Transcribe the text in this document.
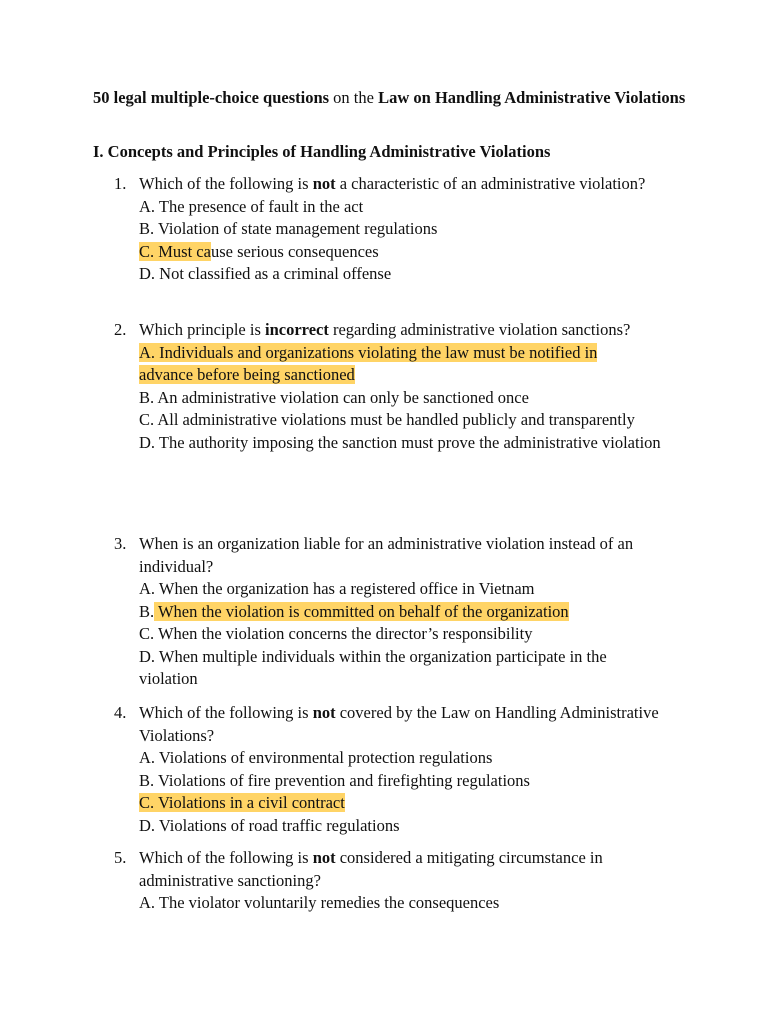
50 legal multiple-choice questions on the Law on Handling Administrative Violations
I. Concepts and Principles of Handling Administrative Violations
1. Which of the following is not a characteristic of an administrative violation?
A. The presence of fault in the act
B. Violation of state management regulations
C. Must cause serious consequences
D. Not classified as a criminal offense
2. Which principle is incorrect regarding administrative violation sanctions?
A. Individuals and organizations violating the law must be notified in
advance before being sanctioned
B. An administrative violation can only be sanctioned once
C. All administrative violations must be handled publicly and transparently
D. The authority imposing the sanction must prove the administrative violation
3. When is an organization liable for an administrative violation instead of an individual?
A. When the organization has a registered office in Vietnam
B. When the violation is committed on behalf of the organization
C. When the violation concerns the director’s responsibility
D. When multiple individuals within the organization participate in the violation
4. Which of the following is not covered by the Law on Handling Administrative Violations?
A. Violations of environmental protection regulations
B. Violations of fire prevention and firefighting regulations
C. Violations in a civil contract
D. Violations of road traffic regulations
5. Which of the following is not considered a mitigating circumstance in administrative sanctioning?
A. The violator voluntarily remedies the consequences
